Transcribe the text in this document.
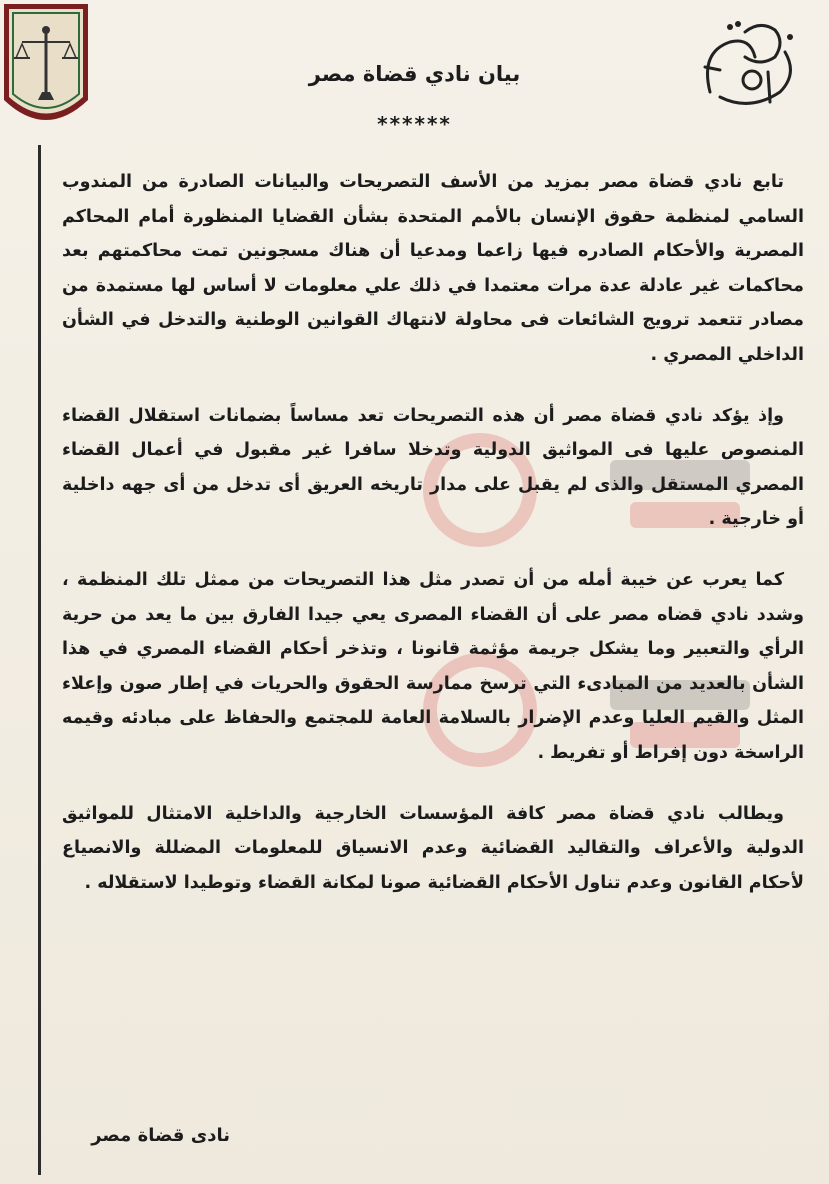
بيان نادي قضاة مصر
******

تابع نادي قضاة مصر بمزيد من الأسف التصريحات والبيانات الصادرة من المندوب السامي لمنظمة حقوق الإنسان بالأمم المتحدة بشأن القضايا المنظورة أمام المحاكم المصرية والأحكام الصادره فيها زاعما ومدعيا أن هناك مسجونين تمت محاكمتهم بعد محاكمات غير عادلة عدة مرات معتمدا في ذلك علي معلومات لا أساس لها مستمدة من مصادر تتعمد ترويج الشائعات فى محاولة لانتهاك القوانين الوطنية والتدخل في الشأن الداخلي المصري .

وإذ يؤكد نادي قضاة مصر أن هذه التصريحات تعد مساساً بضمانات استقلال القضاء المنصوص عليها فى المواثيق الدولية وتدخلا سافرا غير مقبول في أعمال القضاء المصري المستقل والذى لم يقبل على مدار تاريخه العريق أى تدخل من أى جهه داخلية أو خارجية .

كما يعرب عن خيبة أمله من أن تصدر مثل هذا التصريحات من ممثل تلك المنظمة ، وشدد نادي قضاه مصر على أن القضاء المصرى يعي جيدا الفارق بين ما يعد من حرية الرأي والتعبير وما يشكل جريمة مؤثمة قانونا ، وتذخر أحكام القضاء المصري في هذا الشأن بالعديد من المبادىء التي ترسخ ممارسة الحقوق والحريات في إطار صون وإعلاء المثل والقيم العليا وعدم الإضرار بالسلامة العامة للمجتمع والحفاظ على مبادئه وقيمه الراسخة دون إفراط أو تفريط .

ويطالب نادي قضاة مصر كافة المؤسسات الخارجية والداخلية الامتثال للمواثيق الدولية والأعراف والتقاليد القضائية وعدم الانسياق للمعلومات المضللة والانصياع لأحكام القانون وعدم تناول الأحكام القضائية صونا لمكانة القضاء وتوطيدا لاستقلاله .

نادى قضاة مصر
